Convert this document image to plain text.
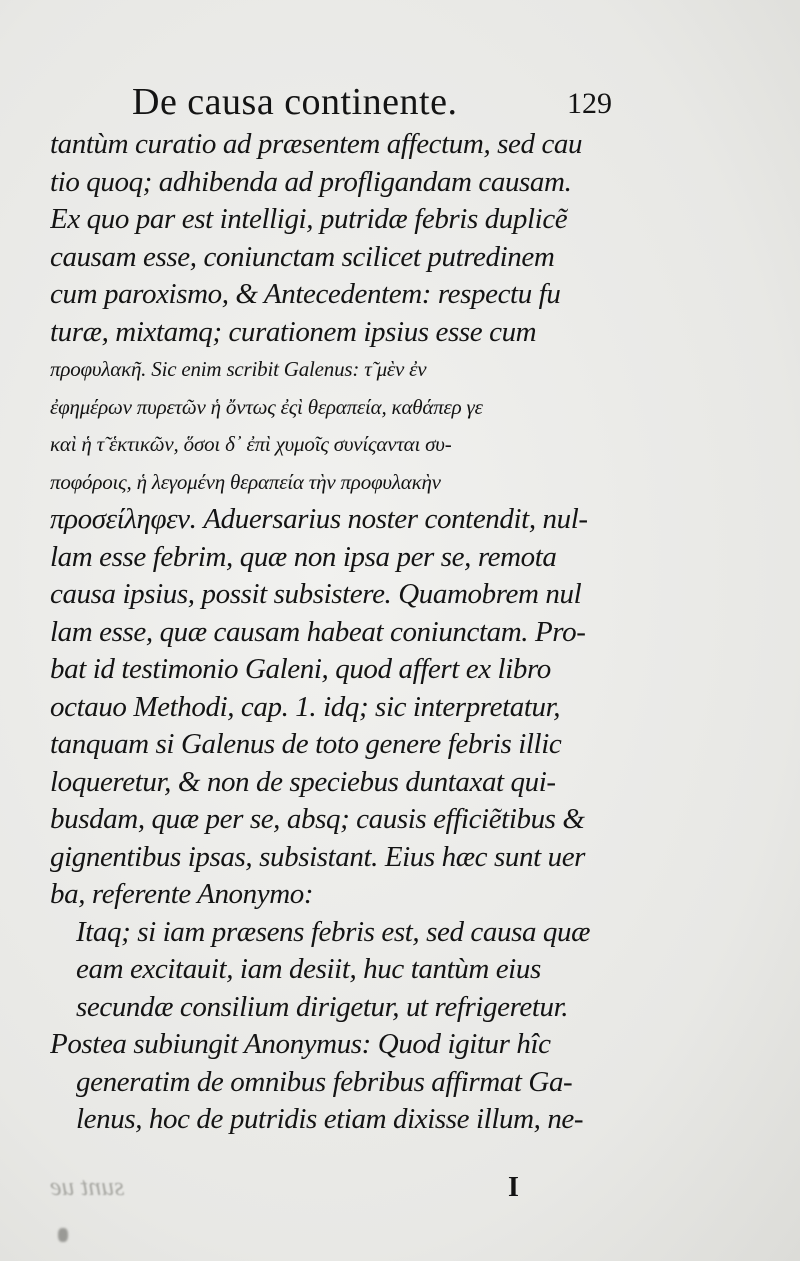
De causa continente.	129
tantùm curatio ad præsentem affectum, sed cau
tio quoq; adhibenda ad profligandam causam.
Ex quo par est intelligi, putridæ febris duplicẽ
causam esse, coniunctam scilicet putredinem
cum paroxismo, & Antecedentem: respectu fu
turæ, mixtamq; curationem ipsius esse cum
προφυλακῆ. Sic enim scribit Galenus: τ̃ μὲν ἐν
ἐφημέρων πυρετῶν ἡ ὄντως ἐςὶ θεραπεία, καθάπερ γε
καὶ ἡ τ̃ ἑκτικῶν, ὅσοι δ᾽ ἐπὶ χυμοῖς συνίςανται συ-
ποφόροις, ἡ λεγομένη θεραπεία τὴν προφυλακὴν
προσείληφεν. Aduersarius noster contendit, nul-
lam esse febrim, quæ non ipsa per se, remota
causa ipsius, possit subsistere. Quamobrem nul
lam esse, quæ causam habeat coniunctam. Pro-
bat id testimonio Galeni, quod affert ex libro
octauo Methodi, cap. 1. idq; sic interpretatur,
tanquam si Galenus de toto genere febris illic
loqueretur, & non de speciebus duntaxat qui-
busdam, quæ per se, absq; causis efficiẽtibus &
gignentibus ipsas, subsistant. Eius hæc sunt uer
ba, referente Anonymo:
Itaq; si iam præsens febris est, sed causa quæ
eam excitauit, iam desiit, huc tantùm eius
secundæ consilium dirigetur, ut refrigeretur.
Postea subiungit Anonymus: Quod igitur hîc
generatim de omnibus febribus affirmat Ga-
lenus, hoc de putridis etiam dixisse illum, ne-
I
sunt ue
